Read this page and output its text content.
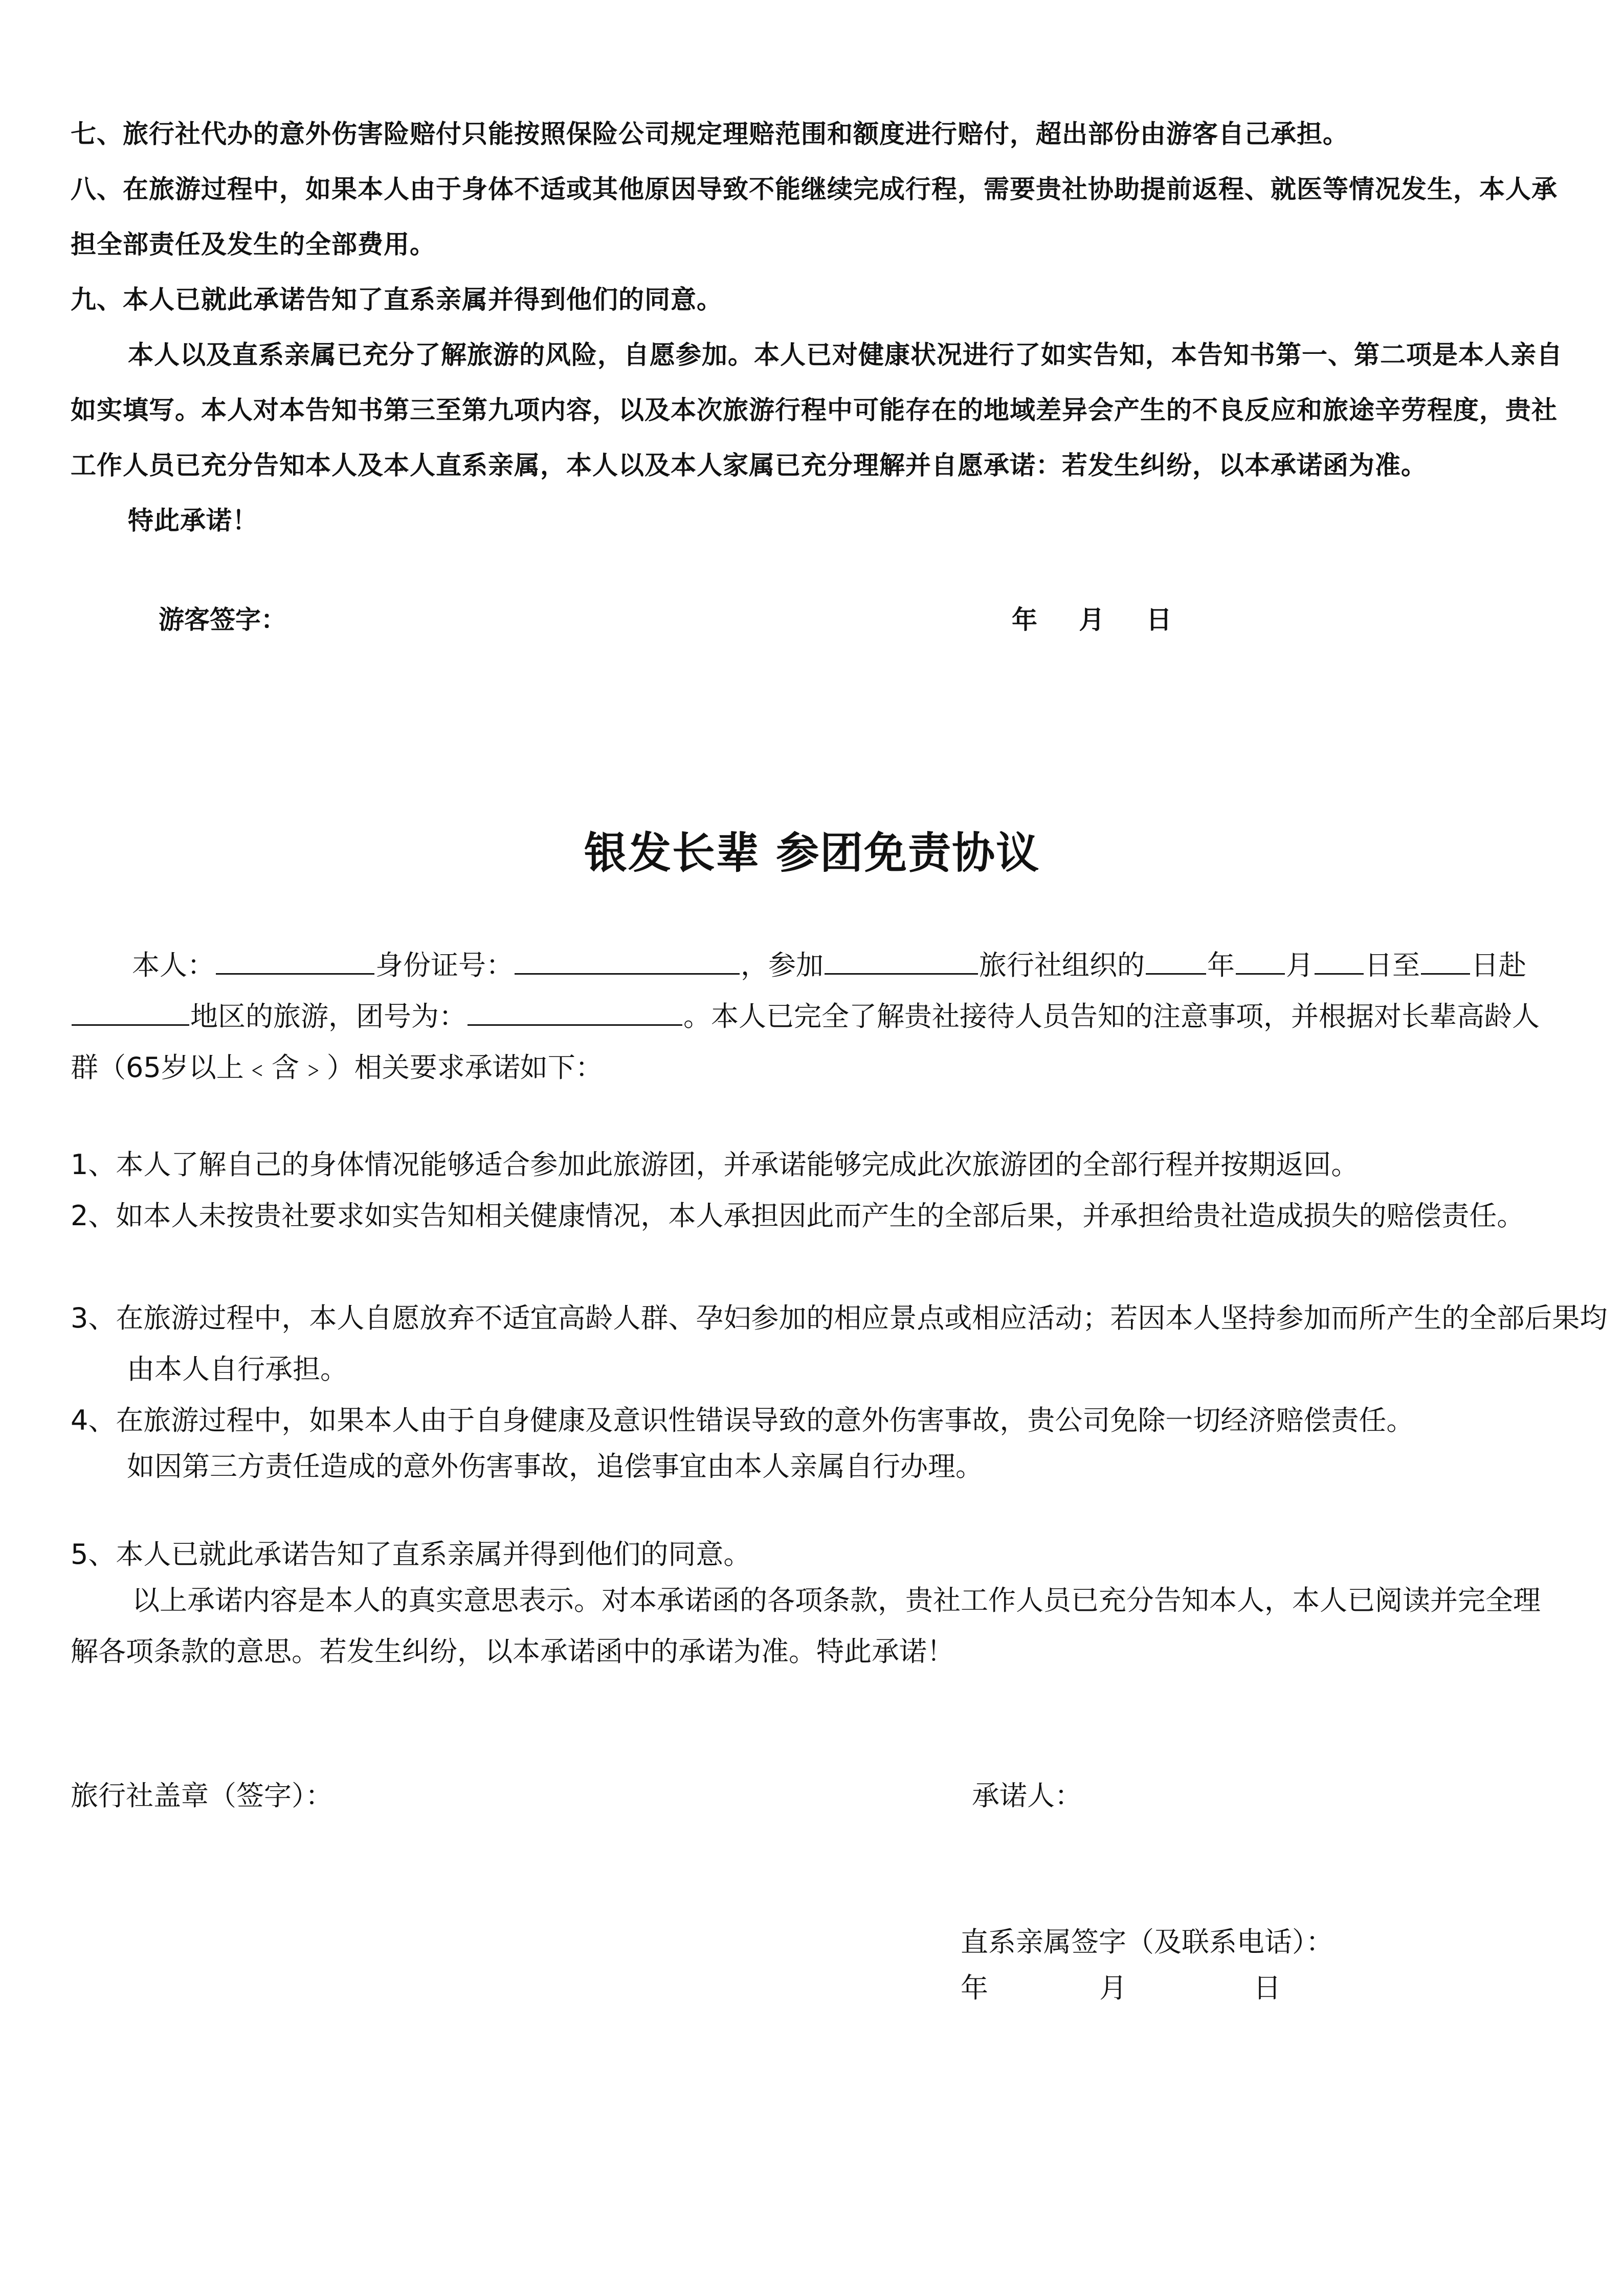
七、旅行社代办的意外伤害险赔付只能按照保险公司规定理赔范围和额度进行赔付，超出部份由游客自己承担。
八、在旅游过程中，如果本人由于身体不适或其他原因导致不能继续完成行程，需要贵社协助提前返程、就医等情况发生，本人承担全部责任及发生的全部费用。
九、本人已就此承诺告知了直系亲属并得到他们的同意。
本人以及直系亲属已充分了解旅游的风险，自愿参加。本人已对健康状况进行了如实告知，本告知书第一、第二项是本人亲自如实填写。本人对本告知书第三至第九项内容，以及本次旅游行程中可能存在的地域差异会产生的不良反应和旅途辛劳程度，贵社工作人员已充分告知本人及本人直系亲属，本人以及本人家属已充分理解并自愿承诺：若发生纠纷，以本承诺函为准。
特此承诺！
游客签字：	年 月 日
银发长辈 参团免责协议
本人：	身份证号：	，参加	旅行社组织的 年 月 日至 日赴地区的旅游，团号为：	。本人已完全了解贵社接待人员告知的注意事项，并根据对长辈高龄人群（65岁以上﹤含﹥）相关要求承诺如下：
1、本人了解自己的身体情况能够适合参加此旅游团，并承诺能够完成此次旅游团的全部行程并按期返回。
2、如本人未按贵社要求如实告知相关健康情况，本人承担因此而产生的全部后果，并承担给贵社造成损失的赔偿责任。
3、在旅游过程中，本人自愿放弃不适宜高龄人群、孕妇参加的相应景点或相应活动；若因本人坚持参加而所产生的全部后果均由本人自行承担。
4、在旅游过程中，如果本人由于自身健康及意识性错误导致的意外伤害事故，贵公司免除一切经济赔偿责任。
如因第三方责任造成的意外伤害事故，追偿事宜由本人亲属自行办理。
5、本人已就此承诺告知了直系亲属并得到他们的同意。
以上承诺内容是本人的真实意思表示。对本承诺函的各项条款，贵社工作人员已充分告知本人，本人已阅读并完全理解各项条款的意思。若发生纠纷，以本承诺函中的承诺为准。特此承诺！
旅行社盖章（签字）：	承诺人：
直系亲属签字（及联系电话）：
年	月	日
